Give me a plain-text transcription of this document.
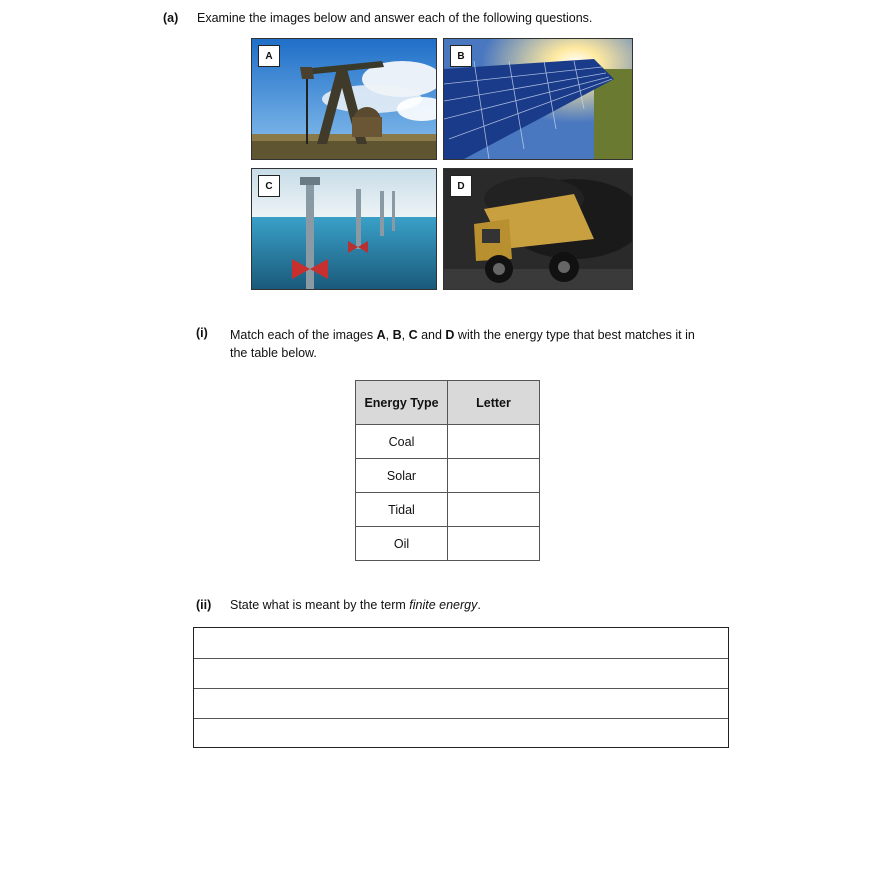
(a) Examine the images below and answer each of the following questions.
A	B
C	D
(i) Match each of the images A, B, C and D with the energy type that best matches it in
the table below.
Energy Type	Letter
Coal	
Solar	
Tidal	
Oil	
(ii) State what is meant by the term finite energy.
